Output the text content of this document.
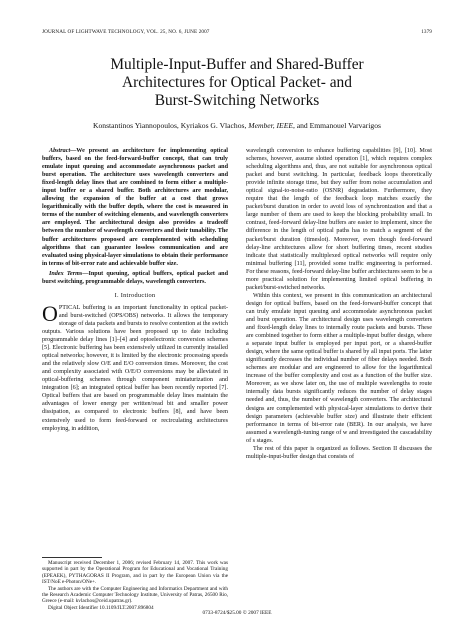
JOURNAL OF LIGHTWAVE TECHNOLOGY, VOL. 25, NO. 6, JUNE 2007	1379
Multiple-Input-Buffer and Shared-Buffer
Architectures for Optical Packet- and
Burst-Switching Networks
Konstantinos Yiannopoulos, Kyriakos G. Vlachos, Member, IEEE, and Emmanouel Varvarigos

Abstract—We present an architecture for implementing optical buffers, based on the feed-forward-buffer concept, that can truly emulate input queuing and accommodate asynchronous packet and burst operation. The architecture uses wavelength converters and fixed-length delay lines that are combined to form either a multiple-input buffer or a shared buffer. Both architectures are modular, allowing the expansion of the buffer at a cost that grows logarithmically with the buffer depth, where the cost is measured in terms of the number of switching elements, and wavelength converters are employed. The architectural design also provides a tradeoff between the number of wavelength converters and their tunability. The buffer architectures proposed are complemented with scheduling algorithms that can guarantee lossless communication and are evaluated using physical-layer simulations to obtain their performance in terms of bit-error rate and achievable buffer size.

Index Terms—Input queuing, optical buffers, optical packet and burst switching, programmable delays, wavelength converters.

I. Introduction

OPTICAL buffering is an important functionality in optical packet- and burst-switched (OPS/OBS) networks. It allows the temporary storage of data packets and bursts to resolve contention at the switch outputs. Various solutions have been proposed up to date including programmable delay lines [1]–[4] and optoelectronic conversion schemes [5]. Electronic buffering has been extensively utilized in currently installed optical networks; however, it is limited by the electronic processing speeds and the relatively slow O/E and E/O conversion times. Moreover, the cost and complexity associated with O/E/O conversions may be alleviated in optical-buffering schemes through component miniaturization and integration [6]; an integrated optical buffer has been recently reported [7]. Optical buffers that are based on programmable delay lines maintain the advantages of lower energy per written/read bit and smaller power dissipation, as compared to electronic buffers [8], and have been extensively used to form feed-forward or recirculating architectures employing, in addition,

wavelength conversion to enhance buffering capabilities [9], [10]. Most schemes, however, assume slotted operation [1], which requires complex scheduling algorithms and, thus, are not suitable for asynchronous optical packet and burst switching. In particular, feedback loops theoretically provide infinite storage time, but they suffer from noise accumulation and optical signal-to-noise-ratio (OSNR) degradation. Furthermore, they require that the length of the feedback loop matches exactly the packet/burst duration in order to avoid loss of synchronization and that a large number of them are used to keep the blocking probability small. In contrast, feed-forward delay-line buffers are easier to implement, since the difference in the length of optical paths has to match a segment of the packet/burst duration (timeslot). Moreover, even though feed-forward delay-line architectures allow for short buffering times, recent studies indicate that statistically multiplexed optical networks will require only minimal buffering [11], provided some traffic engineering is performed. For these reasons, feed-forward delay-line buffer architectures seem to be a more practical solution for implementing limited optical buffering in packet/burst-switched networks.

Within this context, we present in this communication an architectural design for optical buffers, based on the feed-forward-buffer concept that can truly emulate input queuing and accommodate asynchronous packet and burst operation. The architectural design uses wavelength converters and fixed-length delay lines to internally route packets and bursts. These are combined together to form either a multiple-input buffer design, where a separate input buffer is employed per input port, or a shared-buffer design, where the same optical buffer is shared by all input ports. The latter significantly decreases the individual number of fiber delays needed. Both schemes are modular and are engineered to allow for the logarithmical increase of the buffer complexity and cost as a function of the buffer size. Moreover, as we show later on, the use of multiple wavelengths to route internally data bursts significantly reduces the number of delay stages needed and, thus, the number of wavelength converters. The architectural designs are complemented with physical-layer simulations to derive their design parameters (achievable buffer size) and illustrate their efficient performance in terms of bit-error rate (BER). In our analysis, we have assumed a wavelength-tuning range of w and investigated the cascadability of s stages.

The rest of this paper is organized as follows. Section II discusses the multiple-input-buffer design that consists of

Manuscript received December 1, 2006; revised February 14, 2007. This work was supported in part by the Operational Program for Educational and Vocational Training (EPEAEK), PYTHAGORAS II Program, and in part by the European Union via the IST/NoE e-Photon/ONe+.

The authors are with the Computer Engineering and Informatics Department and with the Research Academic Computer Technology Institute, University of Patras, 26500 Rio, Greece (e-mail: kvlachos@ceid.upatras.gr).

Digital Object Identifier 10.1109/JLT.2007.896804

0733-8724/$25.00 © 2007 IEEE
